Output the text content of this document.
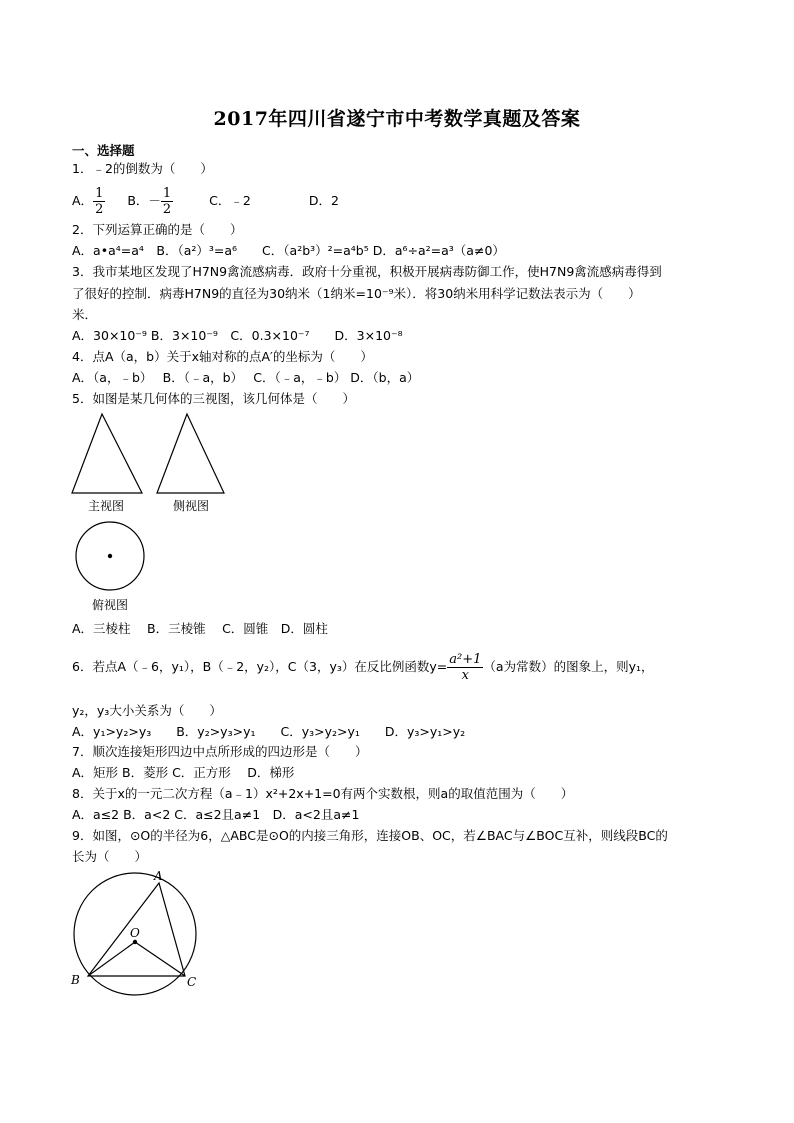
2017年四川省遂宁市中考数学真题及答案
一、选择题
1．﹣2的倒数为（　　）
A． $\frac{1}{2}$ B．－ $\frac{1}{2}$	C．﹣2	D．2
2．下列运算正确的是（　　）
A．a•a⁴=a⁴　B．（a²）³=a⁶　　C．（a²b³）²=a⁴b⁵ D．a⁶÷a²=a³（a≠0）
3．我市某地区发现了H7N9禽流感病毒．政府十分重视，积极开展病毒防御工作，使H7N9禽流感病毒得到
了很好的控制．病毒H7N9的直径为30纳米（1纳米=10⁻⁹米）．将30纳米用科学记数法表示为（　　）
米．
A．30×10⁻⁹ B．3×10⁻⁹　C．0.3×10⁻⁷　　D．3×10⁻⁸
4．点A（a，b）关于x轴对称的点A′的坐标为（　　）
A．（a，﹣b）　 B．（﹣a，b）　 C．（﹣a，﹣b） D．（b，a）
5．如图是某几何体的三视图，该几何体是（　　）
主视图	侧视图
俯视图
A．三棱柱　 B．三棱锥　 C．圆锥　D．圆柱
6．若点A（﹣6，y₁），B（﹣2，y₂），C（3，y₃）在反比例函数$y= \frac{\text{a²+1}}{x} (a$为常数）的图象上，则y₁，
y₂，y₃大小关系为（　　）
A．y₁>y₂>y₃　　B．y₂>y₃>y₁　　C．y₃>y₂>y₁　　D．y₃>y₁>y₂
7．顺次连接矩形四边中点所形成的四边形是（　　）
A．矩形 B．菱形 C．正方形　 D．梯形
8．关于x的一元二次方程（a﹣1）x²+2x+1=0有两个实数根，则a的取值范围为（　　）
A．a≤2 B．a<2 C．a≤2且a≠1　D．a<2且a≠1
9．如图，⊙O的半径为6，△ABC是⊙O的内接三角形，连接OB、OC，若∠BAC与∠BOC互补，则线段BC的
长为（　　）
A
O
B	C
